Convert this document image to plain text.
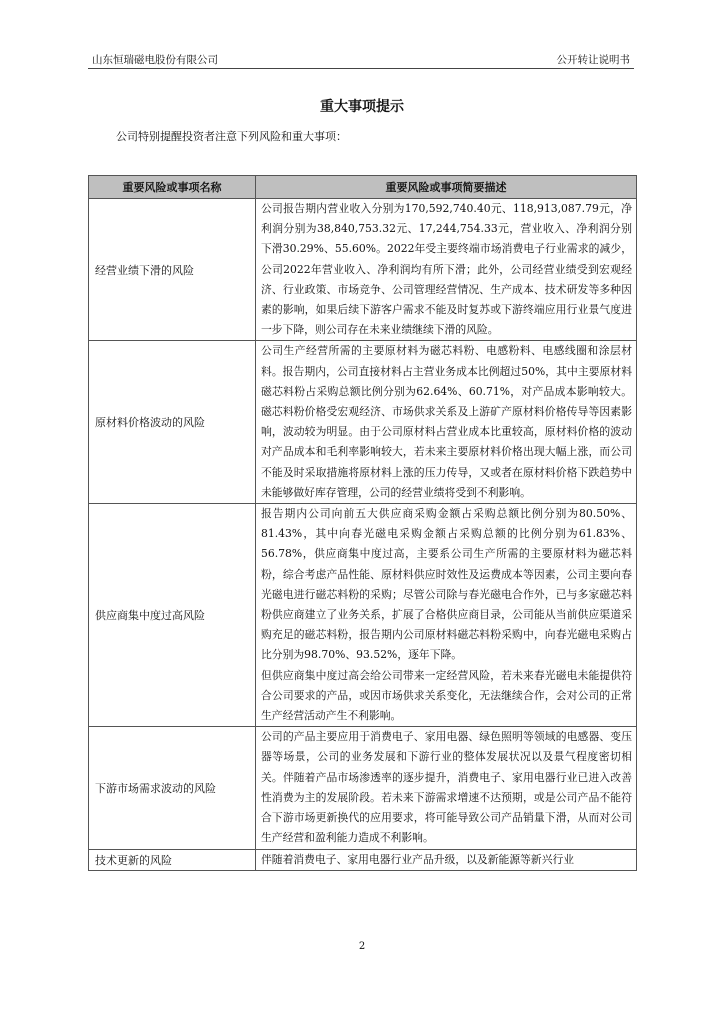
山东恒瑞磁电股份有限公司	公开转让说明书
重大事项提示
公司特别提醒投资者注意下列风险和重大事项：
重要风险或事项名称	重要风险或事项简要描述
经营业绩下滑的风险	公司报告期内营业收入分别为170,592,740.40元、118,913,087.79元，净利润分别为38,840,753.32元、17,244,754.33元，营业收入、净利润分别下滑30.29%、55.60%。2022年受主要终端市场消费电子行业需求的减少，公司2022年营业收入、净利润均有所下滑；此外，公司经营业绩受到宏观经济、行业政策、市场竞争、公司管理经营情况、生产成本、技术研发等多种因素的影响，如果后续下游客户需求不能及时复苏或下游终端应用行业景气度进一步下降，则公司存在未来业绩继续下滑的风险。

原材料价格波动的风险	公司生产经营所需的主要原材料为磁芯料粉、电感粉料、电感线圈和涂层材料。报告期内，公司直接材料占主营业务成本比例超过50%，其中主要原材料磁芯料粉占采购总额比例分别为62.64%、60.71%，对产品成本影响较大。磁芯料粉价格受宏观经济、市场供求关系及上游矿产原材料价格传导等因素影响，波动较为明显。由于公司原材料占营业成本比重较高，原材料价格的波动对产品成本和毛利率影响较大，若未来主要原材料价格出现大幅上涨，而公司不能及时采取措施将原材料上涨的压力传导，又或者在原材料价格下跌趋势中未能够做好库存管理，公司的经营业绩将受到不利影响。

供应商集中度过高风险	报告期内公司向前五大供应商采购金额占采购总额比例分别为80.50%、81.43%，其中向春光磁电采购金额占采购总额的比例分别为61.83%、56.78%，供应商集中度过高，主要系公司生产所需的主要原材料为磁芯料粉，综合考虑产品性能、原材料供应时效性及运费成本等因素，公司主要向春光磁电进行磁芯料粉的采购；尽管公司除与春光磁电合作外，已与多家磁芯料粉供应商建立了业务关系，扩展了合格供应商目录，公司能从当前供应渠道采购充足的磁芯料粉，报告期内公司原材料磁芯料粉采购中，向春光磁电采购占比分别为98.70%、93.52%，逐年下降。

但供应商集中度过高会给公司带来一定经营风险，若未来春光磁电未能提供符合公司要求的产品，或因市场供求关系变化，无法继续合作，会对公司的正常生产经营活动产生不利影响。

下游市场需求波动的风险	公司的产品主要应用于消费电子、家用电器、绿色照明等领域的电感器、变压器等场景，公司的业务发展和下游行业的整体发展状况以及景气程度密切相关。伴随着产品市场渗透率的逐步提升，消费电子、家用电器行业已进入改善性消费为主的发展阶段。若未来下游需求增速不达预期，或是公司产品不能符合下游市场更新换代的应用要求，将可能导致公司产品销量下滑，从而对公司生产经营和盈利能力造成不利影响。

技术更新的风险	伴随着消费电子、家用电器行业产品升级，以及新能源等新兴行业

2
